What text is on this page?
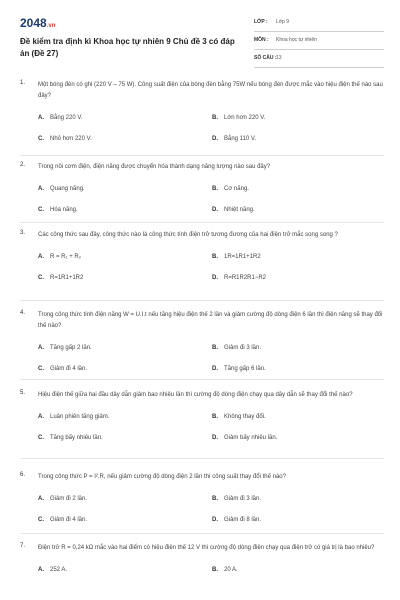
2048.vn
Đề kiểm tra định kì Khoa học tự nhiên 9 Chủ đề 3 có đáp án (Đề 27)
LỚP : Lớp 9
MÔN : Khoa học tự nhiên
SỐ CÂU : 13
1. Một bóng đèn có ghi (220 V – 75 W). Công suất điện của bóng đèn bằng 75W nếu bóng đèn được mắc vào hiệu điện thế nào sau đây?
A. Bằng 220 V.	B. Lớn hơn 220 V.
C. Nhỏ hơn 220 V.	D. Bằng 110 V.
2. Trong nồi cơm điện, điện năng được chuyển hóa thành dạng năng lượng nào sau đây?
A. Quang năng.	B. Cơ năng.
C. Hóa năng.	D. Nhiệt năng.
3. Các công thức sau đây, công thức nào là công thức tính điện trở tương đương của hai điện trở mắc song song ?
A. R = R₁ + R₂	B. 1R=1R1+1R2
C. R=1R1+1R2	D. R=R1R2R1−R2
4. Trong công thức tính điện năng W = U.I.t nếu tăng hiệu điện thế 2 lần và giảm cường độ dòng điện 6 lần thì điện năng sẽ thay đổi thế nào?
A. Tăng gấp 2 lần.	B. Giảm đi 3 lần.
C. Giảm đi 4 lần.	D. Tăng gấp 6 lần.
5. Hiệu điện thế giữa hai đầu dây dẫn giảm bao nhiêu lần thì cường độ dòng điện chạy qua dây dẫn sẽ thay đổi thế nào?
A. Luân phiên tăng giảm.	B. Không thay đổi.
C. Tăng bấy nhiêu lần.	D. Giảm bấy nhiêu lần.
6. Trong công thức P = I².R, nếu giảm cường độ dòng điện 2 lần thì công suất thay đổi thế nào?
A. Giảm đi 2 lần.	B. Giảm đi 3 lần.
C. Giảm đi 4 lần.	D. Giảm đi 8 lần.
7. Điện trở R = 0,24 kΩ mắc vào hai điểm có hiệu điện thế 12 V thì cường độ dòng điện chạy qua điện trở có giá trị là bao nhiêu?
A. 252 A.	B. 20 A.
